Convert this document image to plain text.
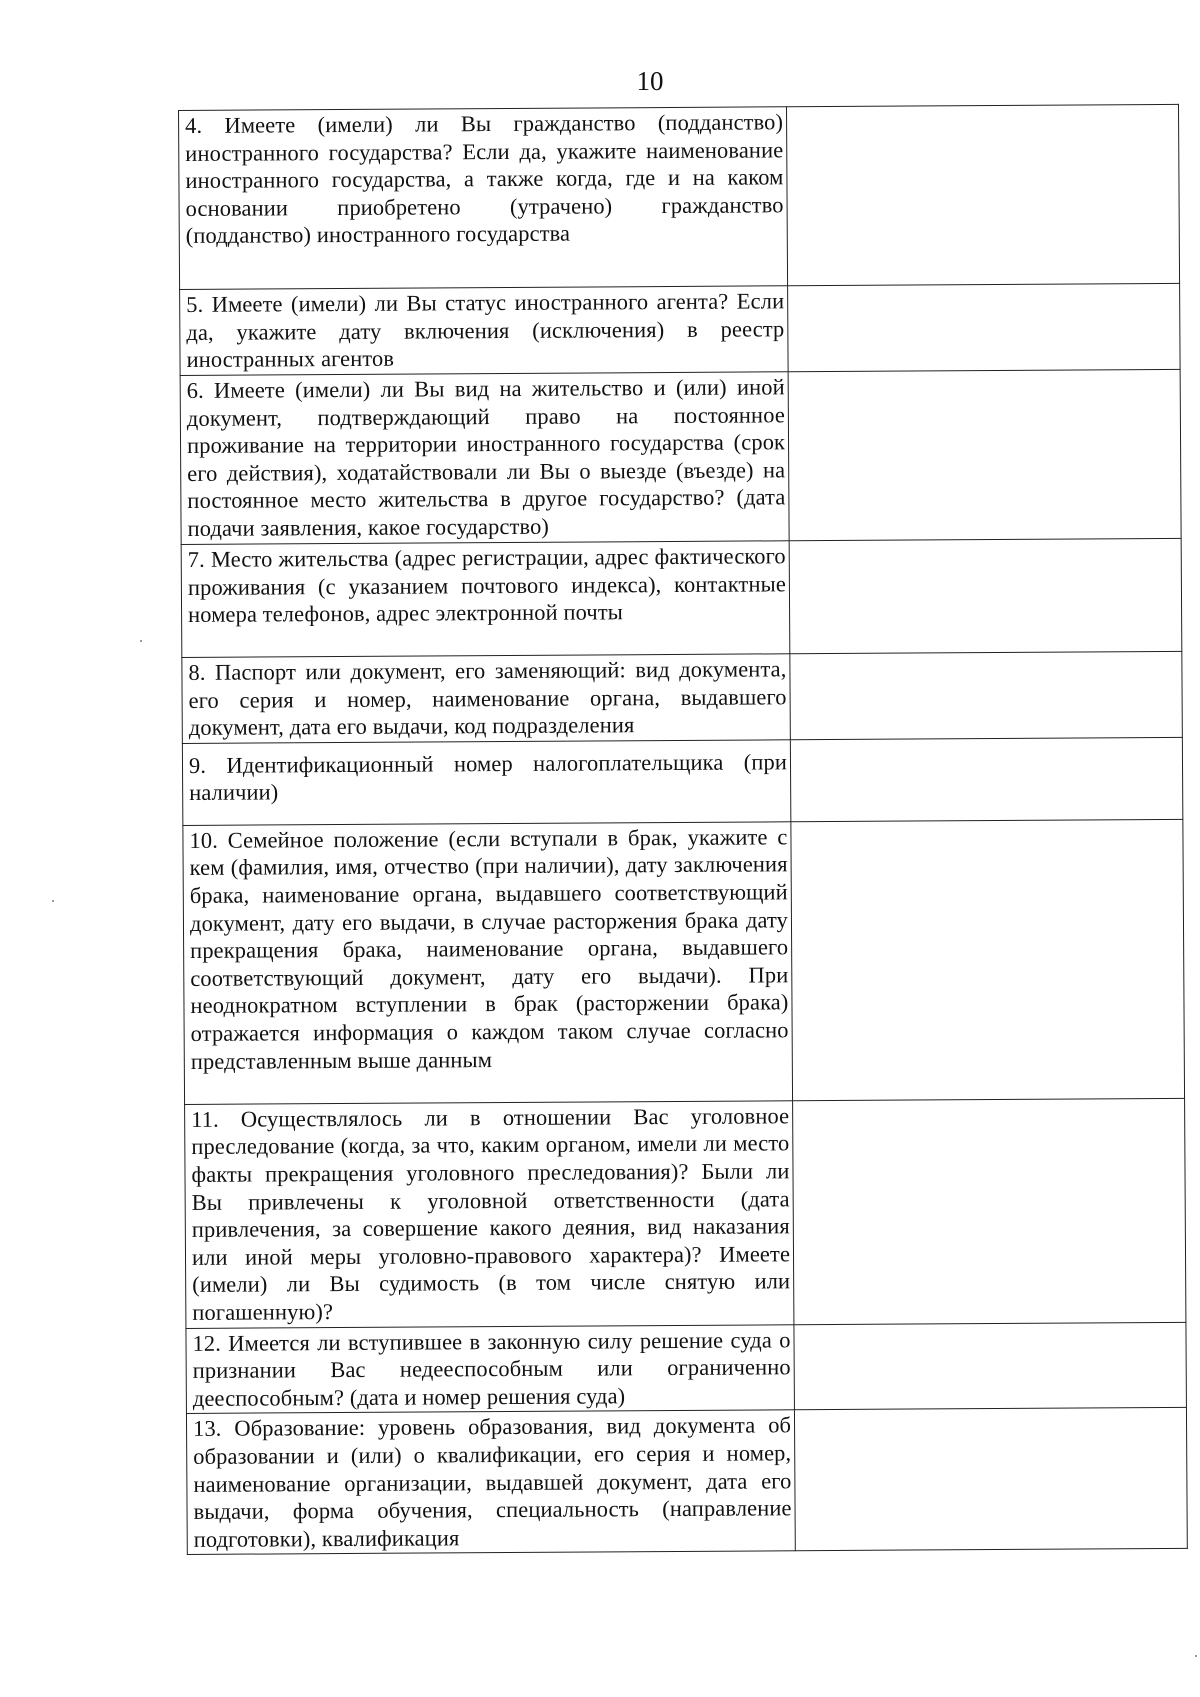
10
4. Имеете (имели) ли Вы гражданство (подданство) иностранного государства? Если да, укажите наименование иностранного государства, а также когда, где и на каком основании приобретено (утрачено) гражданство (подданство) иностранного государства	

5. Имеете (имели) ли Вы статус иностранного агента? Если да, укажите дату включения (исключения) в реестр иностранных агентов	

6. Имеете (имели) ли Вы вид на жительство и (или) иной документ, подтверждающий право на постоянное проживание на территории иностранного государства (срок его действия), ходатайствовали ли Вы о выезде (въезде) на постоянное место жительства в другое государство? (дата подачи заявления, какое государство)	

7. Место жительства (адрес регистрации, адрес фактического проживания (с указанием почтового индекса), контактные номера телефонов, адрес электронной почты	

8. Паспорт или документ, его заменяющий: вид документа, его серия и номер, наименование органа, выдавшего документ, дата его выдачи, код подразделения	

9. Идентификационный номер налогоплательщика (при наличии)	

10. Семейное положение (если вступали в брак, укажите с кем (фамилия, имя, отчество (при наличии), дату заключения брака, наименование органа, выдавшего соответствующий документ, дату его выдачи, в случае расторжения брака дату прекращения брака, наименование органа, выдавшего соответствующий документ, дату его выдачи). При неоднократном вступлении в брак (расторжении брака) отражается информация о каждом таком случае согласно представленным выше данным	

11. Осуществлялось ли в отношении Вас уголовное преследование (когда, за что, каким органом, имели ли место факты прекращения уголовного преследования)? Были ли Вы привлечены к уголовной ответственности (дата привлечения, за совершение какого деяния, вид наказания или иной меры уголовно-правового характера)? Имеете (имели) ли Вы судимость (в том числе снятую или погашенную)?	

12. Имеется ли вступившее в законную силу решение суда о признании Вас недееспособным или ограниченно дееспособным? (дата и номер решения суда)	

13. Образование: уровень образования, вид документа об образовании и (или) о квалификации, его серия и номер, наименование организации, выдавшей документ, дата его выдачи, форма обучения, специальность (направление подготовки), квалификация	
